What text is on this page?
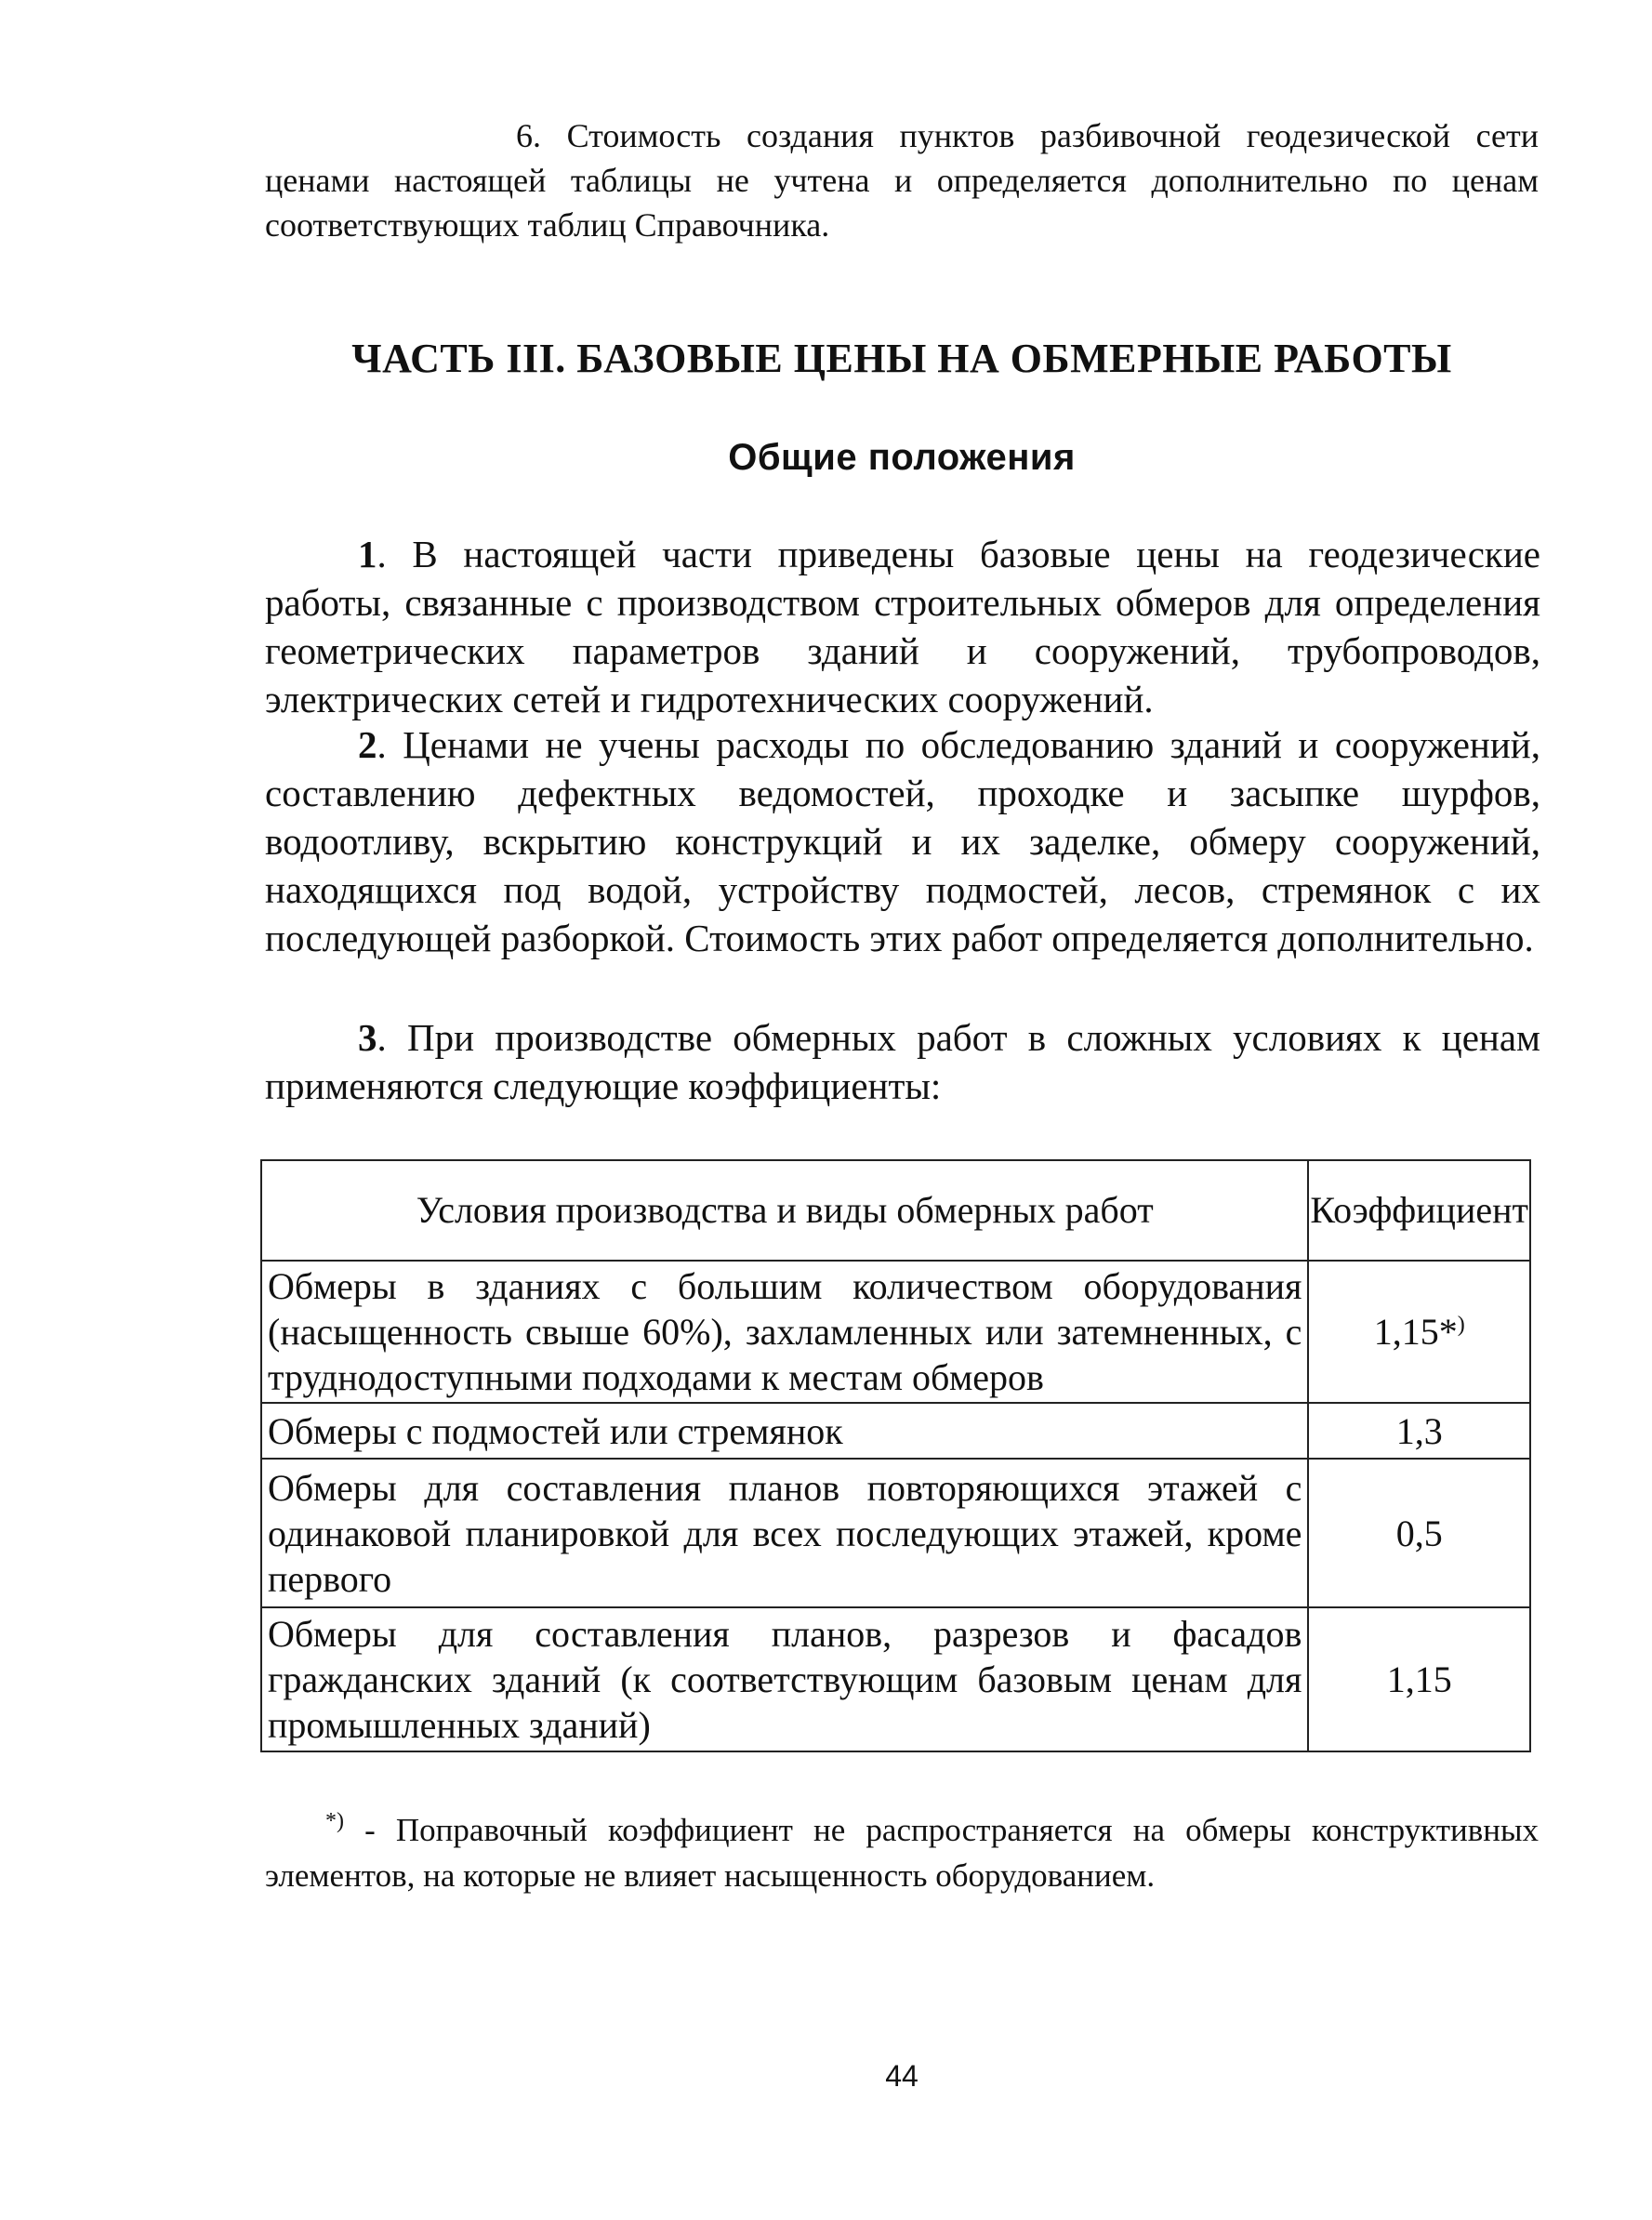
6. Стоимость создания пунктов разбивочной геодезической сети ценами настоящей таблицы не учтена и определяется дополнительно по ценам соответствующих таблиц Справочника.
ЧАСТЬ III. БАЗОВЫЕ ЦЕНЫ НА ОБМЕРНЫЕ РАБОТЫ
Общие положения
1. В настоящей части приведены базовые цены на геодезические работы, связанные с производством строительных обмеров для определения геометрических параметров зданий и сооружений, трубопроводов, электрических сетей и гидротехнических сооружений.
2. Ценами не учены расходы по обследованию зданий и сооружений, составлению дефектных ведомостей, проходке и засыпке шурфов, водоотливу, вскрытию конструкций и их заделке, обмеру сооружений, находящихся под водой, устройству подмостей, лесов, стремянок с их последующей разборкой. Стоимость этих работ определяется дополнительно.
3. При производстве обмерных работ в сложных условиях к ценам применяются следующие коэффициенты:
Условия производства и виды обмерных работ	Коэффициент
Обмеры в зданиях с большим количеством оборудования (насыщенность свыше 60%), захламленных или затемненных, с труднодоступными подходами к местам обмеров	1,15*)
Обмеры с подмостей или стремянок	1,3
Обмеры для составления планов повторяющихся этажей с одинаковой планировкой для всех последующих этажей, кроме первого	0,5
Обмеры для составления планов, разрезов и фасадов гражданских зданий (к соответствующим базовым ценам для промышленных зданий)	1,15
*) - Поправочный коэффициент не распространяется на обмеры конструктивных элементов, на которые не влияет насыщенность оборудованием.
44
